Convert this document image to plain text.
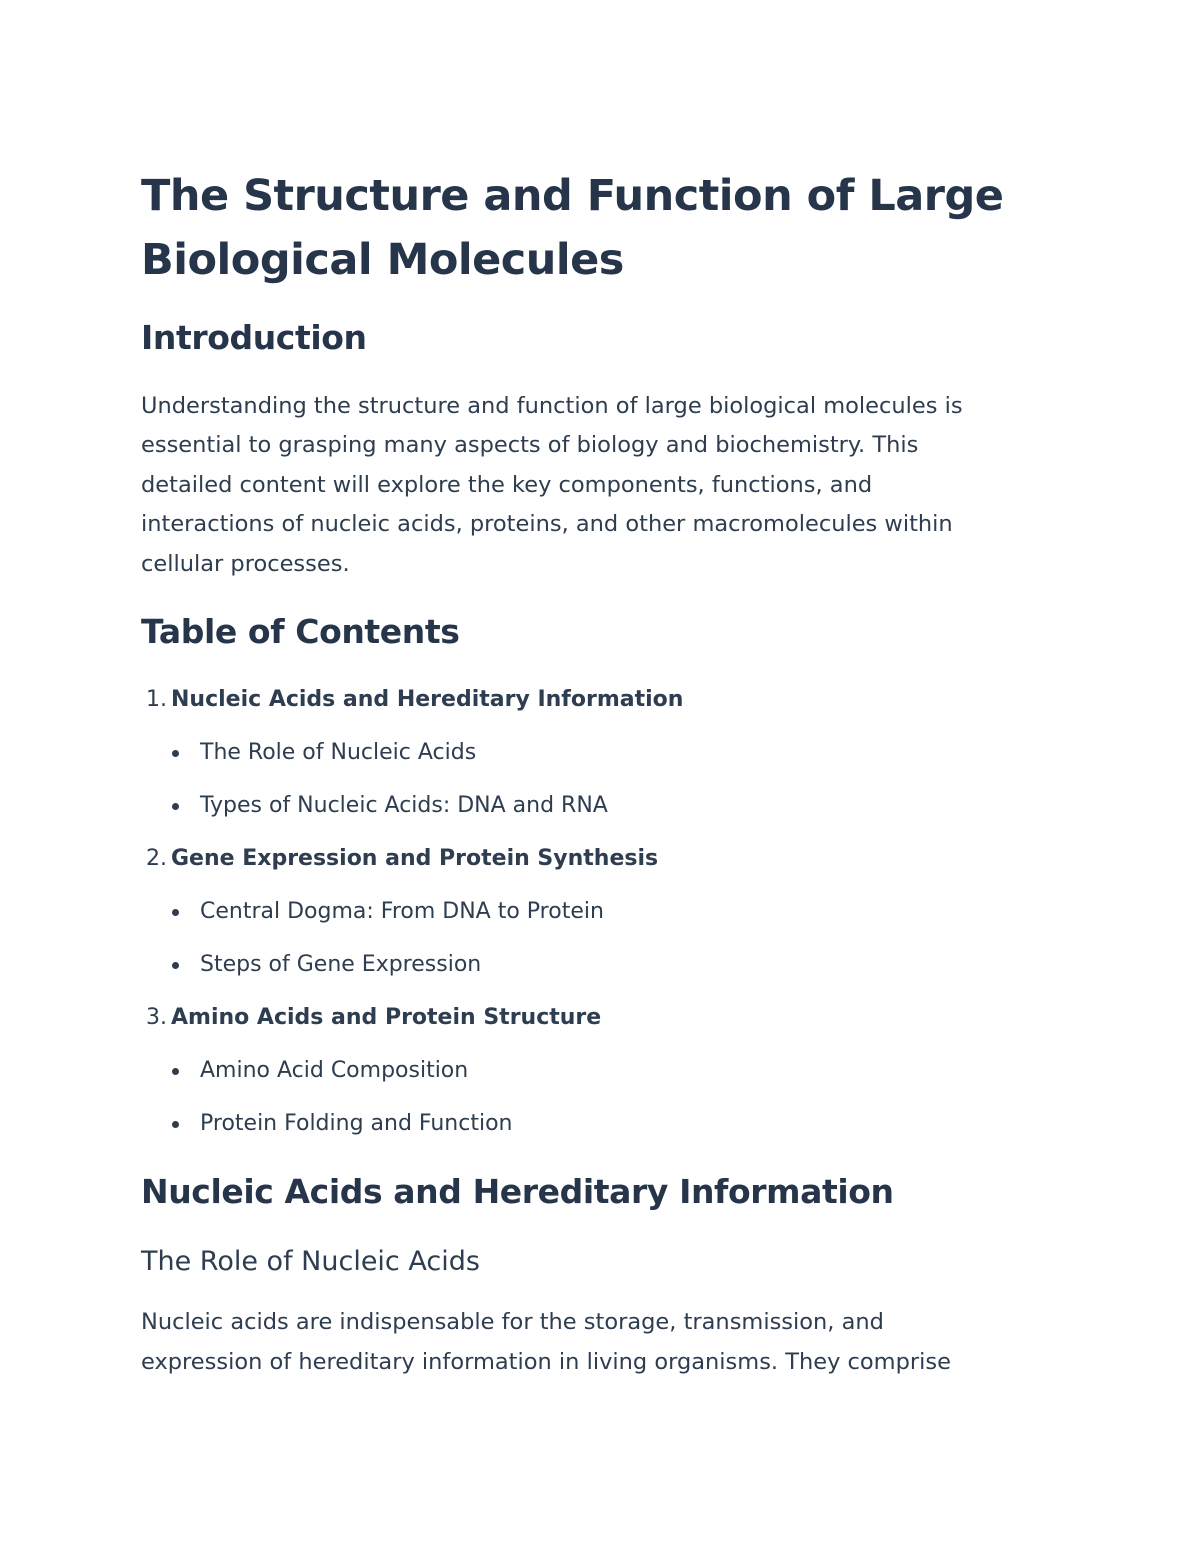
The Structure and Function of Large Biological Molecules
Introduction
Understanding the structure and function of large biological molecules is
essential to grasping many aspects of biology and biochemistry. This
detailed content will explore the key components, functions, and
interactions of nucleic acids, proteins, and other macromolecules within
cellular processes.
Table of Contents
1. Nucleic Acids and Hereditary Information
The Role of Nucleic Acids
Types of Nucleic Acids: DNA and RNA
2. Gene Expression and Protein Synthesis
Central Dogma: From DNA to Protein
Steps of Gene Expression
3. Amino Acids and Protein Structure
Amino Acid Composition
Protein Folding and Function
Nucleic Acids and Hereditary Information
The Role of Nucleic Acids
Nucleic acids are indispensable for the storage, transmission, and
expression of hereditary information in living organisms. They comprise
